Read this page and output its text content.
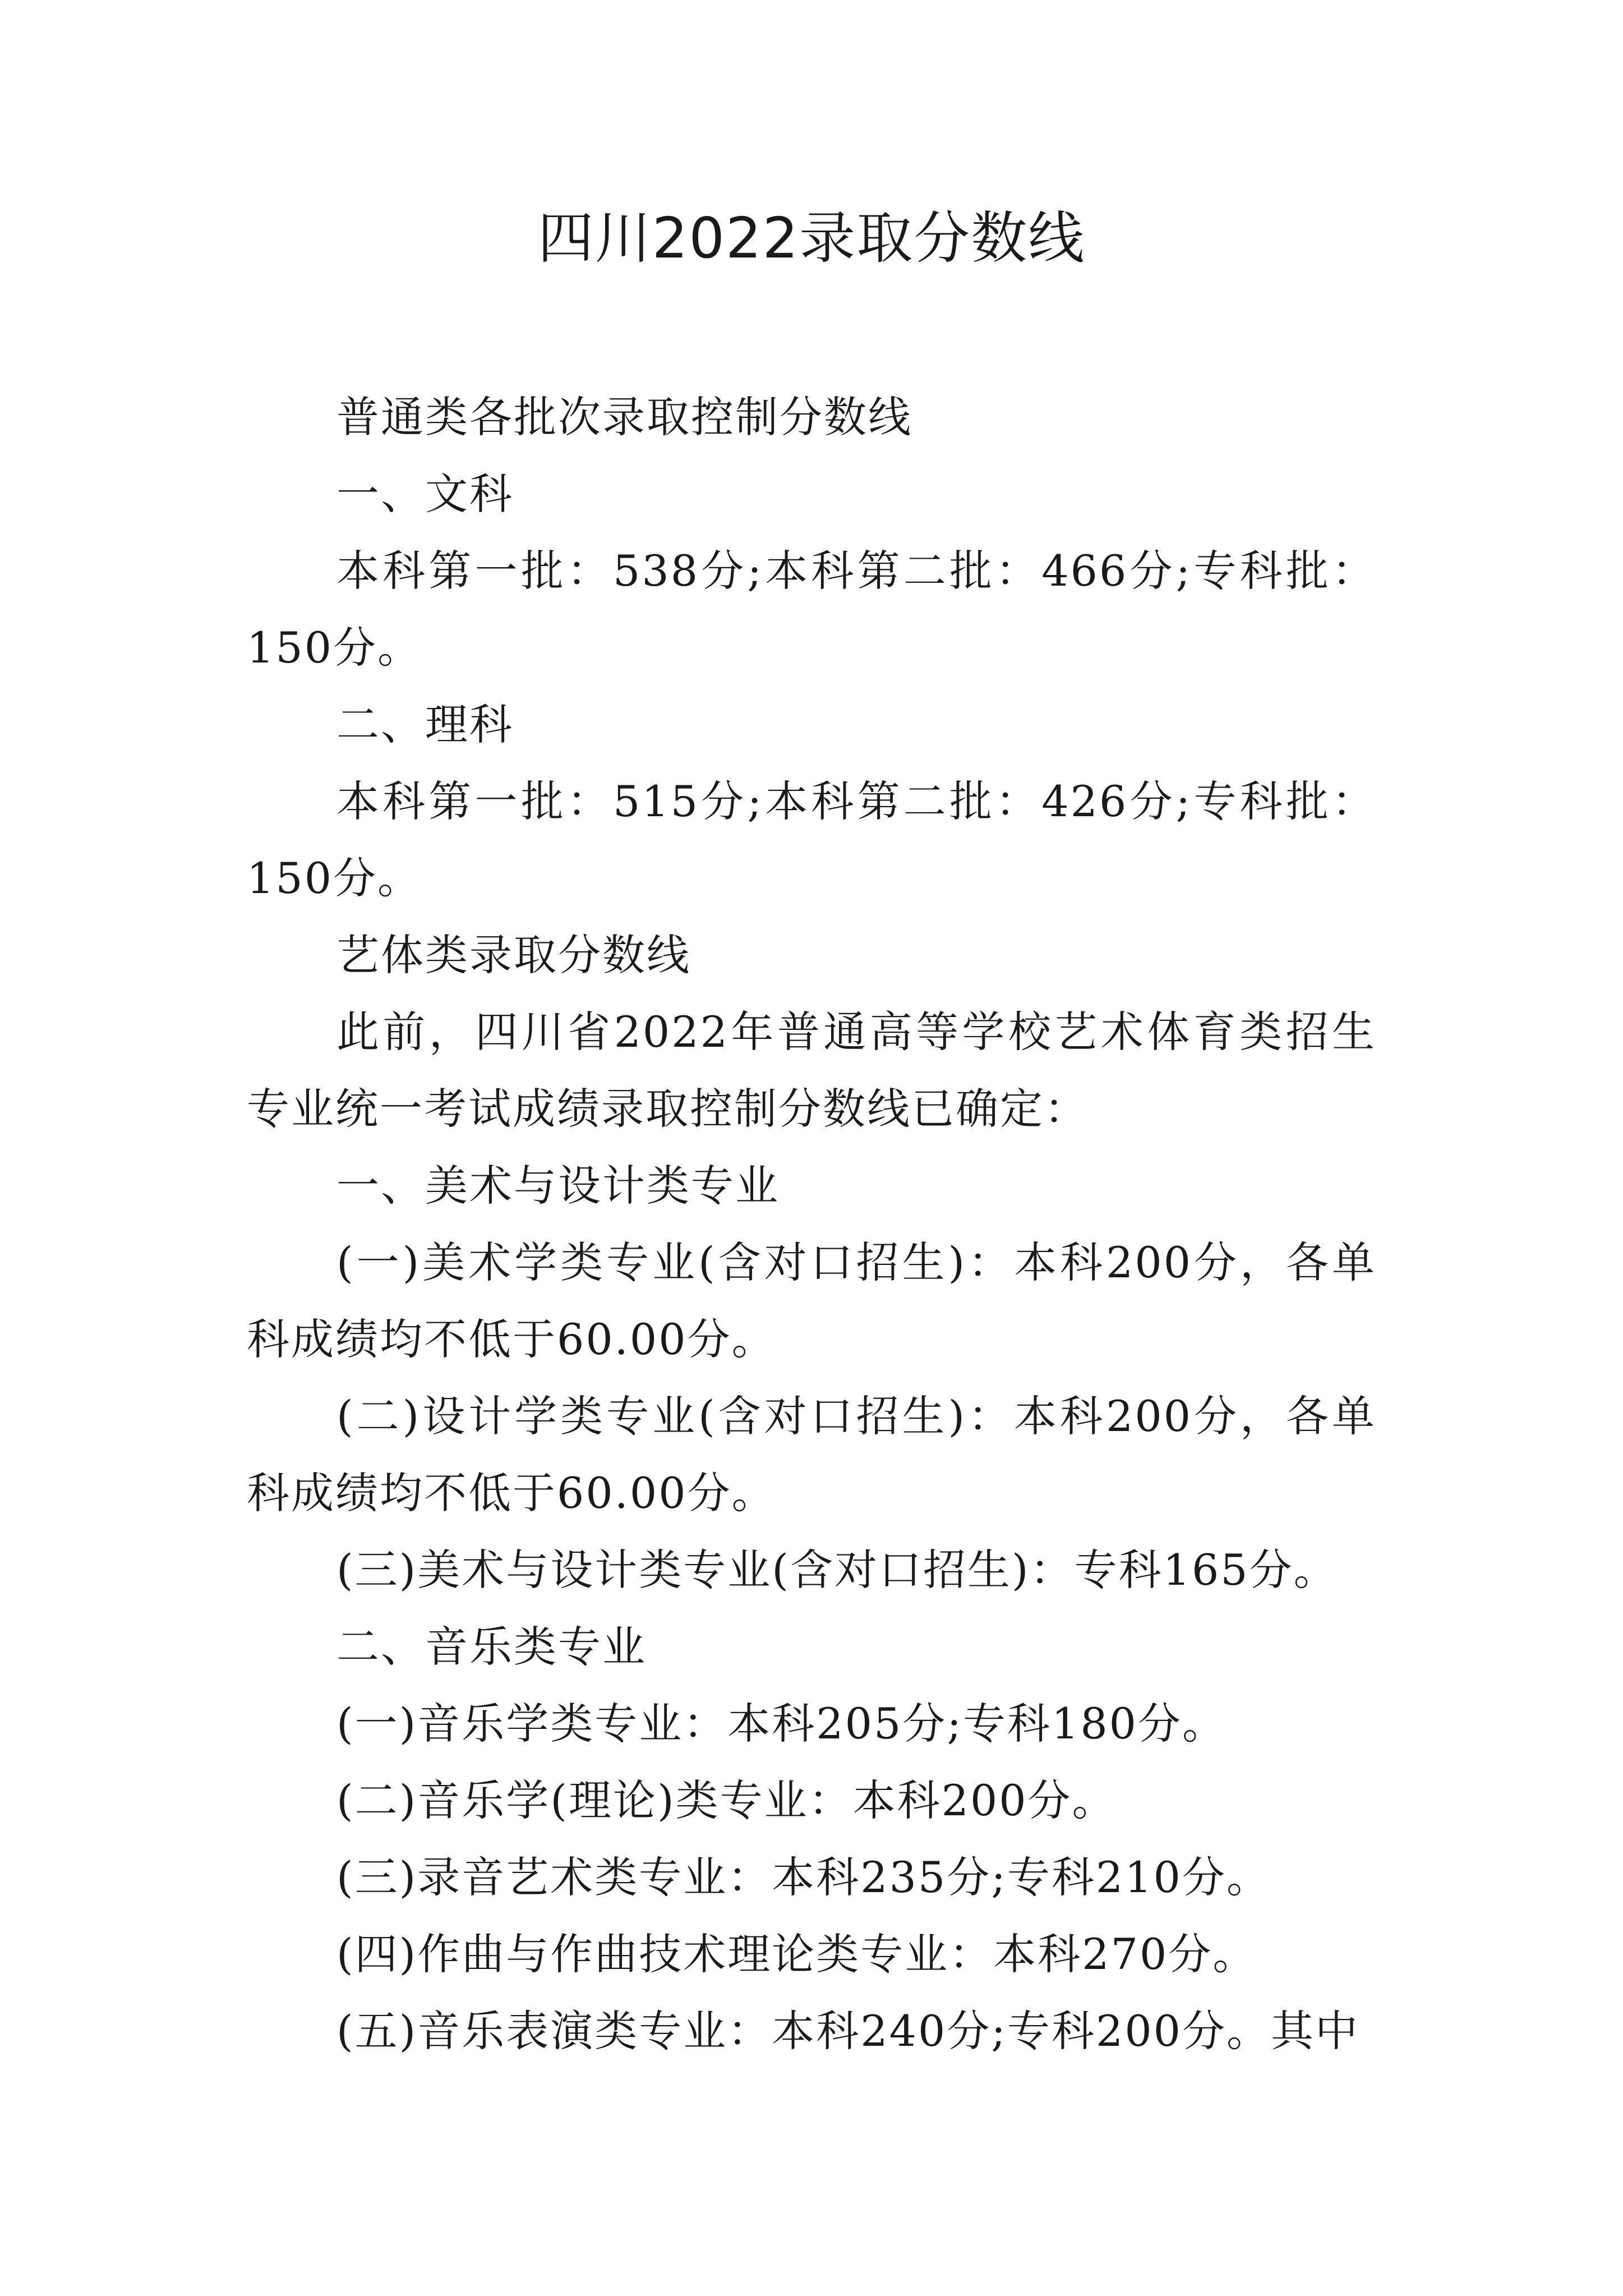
四川2022录取分数线

普通类各批次录取控制分数线

一、文科

本科第一批：538分;本科第二批：466分;专科批：150分。

二、理科

本科第一批：515分;本科第二批：426分;专科批：150分。

艺体类录取分数线

此前，四川省2022年普通高等学校艺术体育类招生专业统一考试成绩录取控制分数线已确定：

一、美术与设计类专业

(一)美术学类专业(含对口招生)：本科200分，各单科成绩均不低于60.00分。

(二)设计学类专业(含对口招生)：本科200分，各单科成绩均不低于60.00分。

(三)美术与设计类专业(含对口招生)：专科165分。

二、音乐类专业

(一)音乐学类专业：本科205分;专科180分。

(二)音乐学(理论)类专业：本科200分。

(三)录音艺术类专业：本科235分;专科210分。

(四)作曲与作曲技术理论类专业：本科270分。

(五)音乐表演类专业：本科240分;专科200分。其中
